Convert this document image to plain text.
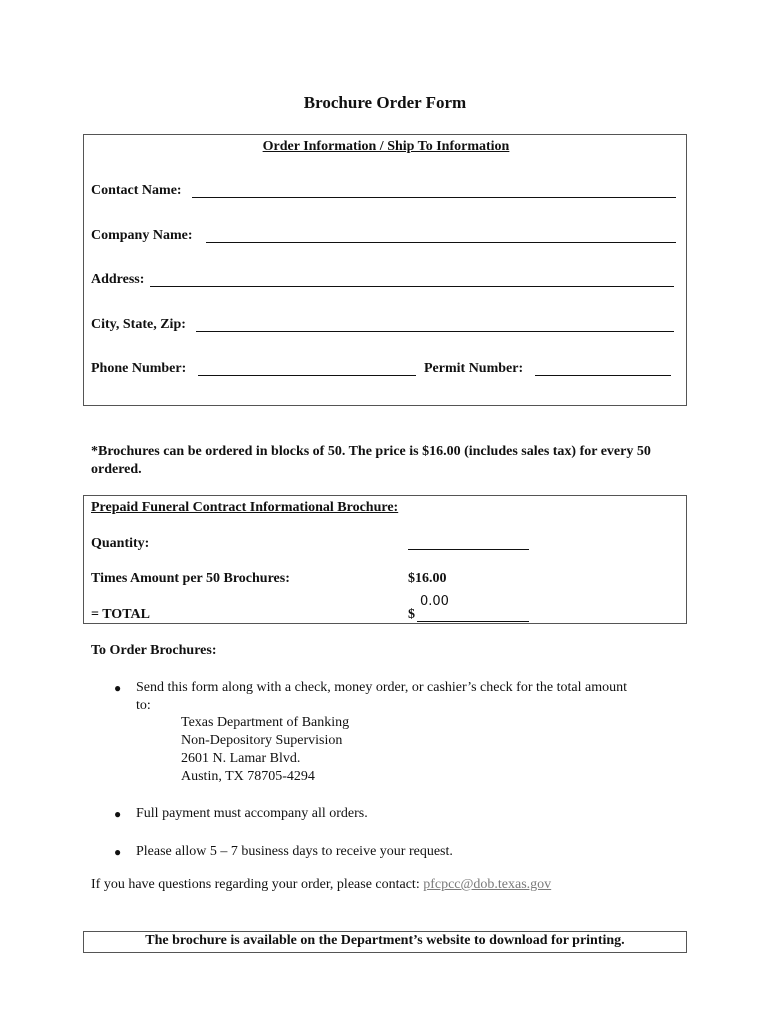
Brochure Order Form
Order Information / Ship To Information
Contact Name:
Company Name:
Address:
City, State, Zip:
Phone Number:	Permit Number:
*Brochures can be ordered in blocks of 50. The price is $16.00 (includes sales tax) for every 50 ordered.
Prepaid Funeral Contract Informational Brochure:
Quantity:
Times Amount per 50 Brochures:	$16.00
= TOTAL	$
0.00
To Order Brochures:
● Send this form along with a check, money order, or cashier’s check for the total amount
to:
Texas Department of Banking
Non-Depository Supervision
2601 N. Lamar Blvd.
Austin, TX 78705-4294
● Full payment must accompany all orders.
● Please allow 5 – 7 business days to receive your request.
If you have questions regarding your order, please contact: pfcpcc@dob.texas.gov
The brochure is available on the Department’s website to download for printing.
